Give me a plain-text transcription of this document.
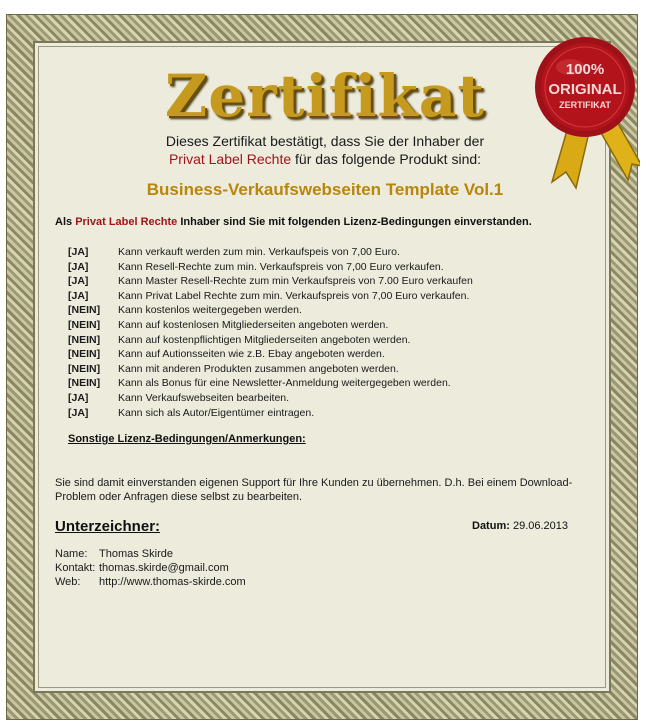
Zertifikat
Dieses Zertifikat bestätigt, dass Sie der Inhaber der
Privat Label Rechte für das folgende Produkt sind:
Business-Verkaufswebseiten Template Vol.1
Als Privat Label Rechte Inhaber sind Sie mit folgenden Lizenz-Bedingungen einverstanden.
[JA]	Kann verkauft werden zum min. Verkaufspeis von 7,00 Euro.
[JA]	Kann Resell-Rechte zum min. Verkaufspreis von 7,00 Euro verkaufen.
[JA]	Kann Master Resell-Rechte zum min Verkaufspreis von 7.00 Euro verkaufen
[JA]	Kann Privat Label Rechte zum min. Verkaufspreis von 7,00 Euro verkaufen.
[NEIN]	Kann kostenlos weitergegeben werden.
[NEIN]	Kann auf kostenlosen Mitgliederseiten angeboten werden.
[NEIN]	Kann auf kostenpflichtigen Mitgliederseiten angeboten werden.
[NEIN]	Kann auf Autionsseiten wie z.B. Ebay angeboten werden.
[NEIN]	Kann mit anderen Produkten zusammen angeboten werden.
[NEIN]	Kann als Bonus für eine Newsletter-Anmeldung weitergegeben werden.
[JA]	Kann Verkaufswebseiten bearbeiten.
[JA]	Kann sich als Autor/Eigentümer eintragen.
Sonstige Lizenz-Bedingungen/Anmerkungen:
Sie sind damit einverstanden eigenen Support für Ihre Kunden zu übernehmen. D.h. Bei einem Download-Problem oder Anfragen diese selbst zu bearbeiten.
Unterzeichner:	Datum: 29.06.2013
Name:	Thomas Skirde
Kontakt: thomas.skirde@gmail.com
Web:	http://www.thomas-skirde.com
100%
ORIGINAL
ZERTIFIKAT
